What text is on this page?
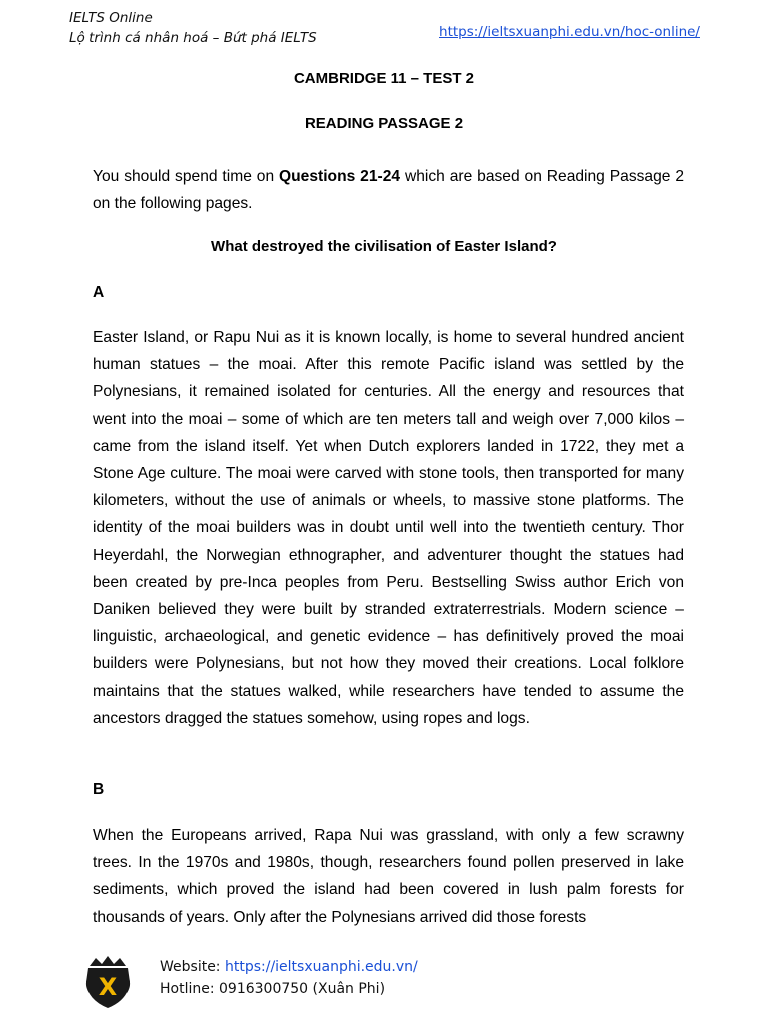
IELTS Online
Lộ trình cá nhân hoá – Bứt phá IELTS	https://ieltsxuanphi.edu.vn/hoc-online/
CAMBRIDGE 11 – TEST 2
READING PASSAGE 2

You should spend time on Questions 21-24 which are based on Reading Passage 2 on the following pages.

What destroyed the civilisation of Easter Island?
A

Easter Island, or Rapu Nui as it is known locally, is home to several hundred ancient human statues – the moai. After this remote Pacific island was settled by the Polynesians, it remained isolated for centuries. All the energy and resources that went into the moai – some of which are ten meters tall and weigh over 7,000 kilos – came from the island itself. Yet when Dutch explorers landed in 1722, they met a Stone Age culture. The moai were carved with stone tools, then transported for many kilometers, without the use of animals or wheels, to massive stone platforms. The identity of the moai builders was in doubt until well into the twentieth century. Thor Heyerdahl, the Norwegian ethnographer, and adventurer thought the statues had been created by pre-Inca peoples from Peru. Bestselling Swiss author Erich von Daniken believed they were built by stranded extraterrestrials. Modern science – linguistic, archaeological, and genetic evidence – has definitively proved the moai builders were Polynesians, but not how they moved their creations. Local folklore maintains that the statues walked, while researchers have tended to assume the ancestors dragged the statues somehow, using ropes and logs.

B

When the Europeans arrived, Rapa Nui was grassland, with only a few scrawny trees. In the 1970s and 1980s, though, researchers found pollen preserved in lake sediments, which proved the island had been covered in lush palm forests for thousands of years. Only after the Polynesians arrived did those forests

X
Website: https://ieltsxuanphi.edu.vn/
Hotline: 0916300750 (Xuân Phi)
